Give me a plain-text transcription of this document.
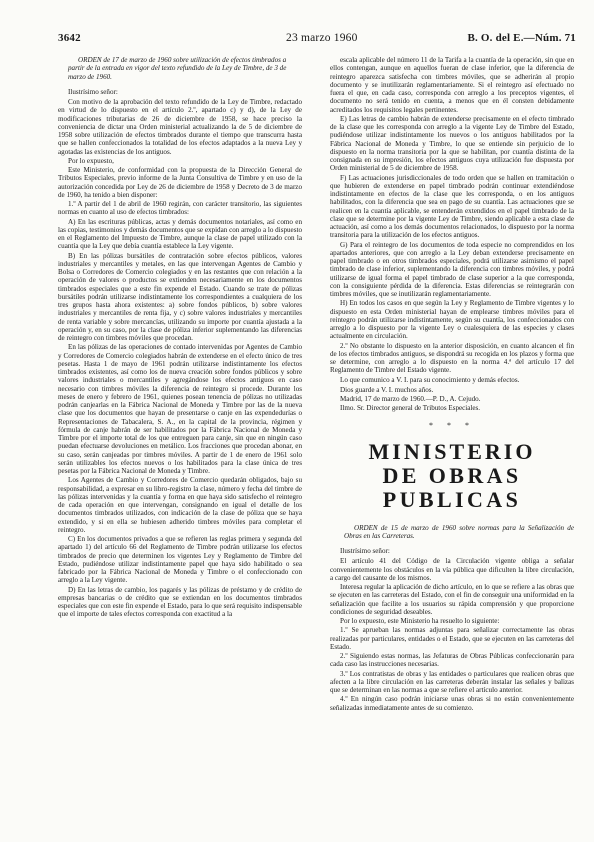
3642	23 marzo 1960	B. O. del E.—Núm. 71
ORDEN de 17 de marzo de 1960 sobre utilización de efectos timbrados a partir de la entrada en vigor del texto refundido de la Ley de Timbre, de 3 de marzo de 1960.

Ilustrísimo señor:

Con motivo de la aprobación del texto refundido de la Ley de Timbre, redactado en virtud de lo dispuesto en el artículo 2.º, apartado c) y d), de la Ley de modificaciones tributarias de 26 de diciembre de 1958, se hace preciso la conveniencia de dictar una Orden ministerial actualizando la de 5 de diciembre de 1958 sobre utilización de efectos timbrados durante el tiempo que transcurra hasta que se hallen confeccionados la totalidad de los efectos adaptados a la nueva Ley y agotadas las existencias de los antiguos.

Por lo expuesto,

Este Ministerio, de conformidad con la propuesta de la Dirección General de Tributos Especiales, previo informe de la Junta Consultiva de Timbre y en uso de la autorización concedida por Ley de 26 de diciembre de 1958 y Decreto de 3 de marzo de 1960, ha tenido a bien disponer:

1.º A partir del 1 de abril de 1960 regirán, con carácter transitorio, las siguientes normas en cuanto al uso de efectos timbrados:

A) En las escrituras públicas, actas y demás documentos notariales, así como en las copias, testimonios y demás documentos que se expidan con arreglo a lo dispuesto en el Reglamento del Impuesto de Timbre, aunque la clase de papel utilizado con la cuantía que la Ley que debía cuantía establece la Ley vigente.

B) En las pólizas bursátiles de contratación sobre efectos públicos, valores industriales y mercantiles y metales, en las que intervengan Agentes de Cambio y Bolsa o Corredores de Comercio colegiados y en las restantes que con relación a la operación de valores o productos se extienden necesariamente en los documentos timbrados especiales que a este fin expende el Estado. Cuando se trate de pólizas bursátiles podrán utilizarse indistintamente los correspondientes a cualquiera de los tres grupos hasta ahora existentes: a) sobre fondos públicos, b) sobre valores industriales y mercantiles de renta fija, y c) sobre valores industriales y mercantiles de renta variable y sobre mercancías, utilizando su importe por cuantía ajustada a la operación y, en su caso, por la clase de póliza inferior suplementando las diferencias de reintegro con timbres móviles que procedan.

En las pólizas de las operaciones de contado intervenidas por Agentes de Cambio y Corredores de Comercio colegiados habrán de extenderse en el efecto único de tres pesetas. Hasta 1 de mayo de 1961 podrán utilizarse indistintamente los efectos timbrados existentes, así como los de nueva creación sobre fondos públicos y sobre valores industriales o mercantiles y agregándose los efectos antiguos en caso necesario con timbres móviles la diferencia de reintegro si procede. Durante los meses de enero y febrero de 1961, quienes posean tenencia de pólizas no utilizadas podrán canjearlas en la Fábrica Nacional de Moneda y Timbre por las de la nueva clase que los documentos que hayan de presentarse o canje en las expendedurías o Representaciones de Tabacalera, S. A., en la capital de la provincia, régimen y fórmula de canje habrán de ser habilitados por la Fábrica Nacional de Moneda y Timbre por el importe total de los que entreguen para canje, sin que en ningún caso puedan efectuarse devoluciones en metálico. Los fracciones que procedan abonar, en su caso, serán canjeadas por timbres móviles. A partir de 1 de enero de 1961 solo serán utilizables los efectos nuevos o los habilitados para la clase única de tres pesetas por la Fábrica Nacional de Moneda y Timbre.

Los Agentes de Cambio y Corredores de Comercio quedarán obligados, bajo su responsabilidad, a expresar en su libro-registro la clase, número y fecha del timbre de las pólizas intervenidas y la cuantía y forma en que haya sido satisfecho el reintegro de cada operación en que intervengan, consignando en igual el detalle de los documentos timbrados utilizados, con indicación de la clase de póliza que se haya extendido, y si en ella se hubiesen adherido timbres móviles para completar el reintegro.

C) En los documentos privados a que se refieren las reglas primera y segunda del apartado 1) del artículo 66 del Reglamento de Timbre podrán utilizarse los efectos timbrados de precio que determinen los vigentes Ley y Reglamento de Timbre del Estado, pudiéndose utilizar indistintamente papel que haya sido habilitado o sea fabricado por la Fábrica Nacional de Moneda y Timbre o el confeccionado con arreglo a la Ley vigente.

D) En las letras de cambio, los pagarés y las pólizas de préstamo y de crédito de empresas bancarias o de crédito que se extiendan en los documentos timbrados especiales que con este fin expende el Estado, para lo que será requisito indispensable que el importe de tales efectos corresponda con exactitud a la

escala aplicable del número 11 de la Tarifa a la cuantía de la operación, sin que en ellos contengan, aunque en aquellos fueran de clase inferior, que la diferencia de reintegro aparezca satisfecha con timbres móviles, que se adherirán al propio documento y se inutilizarán reglamentariamente. Si el reintegro así efectuado no fuera el que, en cada caso, corresponda con arreglo a los preceptos vigentes, el documento no será tenido en cuenta, a menos que en él consten debidamente acreditados los requisitos legales pertinentes.

E) Las letras de cambio habrán de extenderse precisamente en el efecto timbrado de la clase que les corresponda con arreglo a la vigente Ley de Timbre del Estado, pudiéndose utilizar indistintamente los nuevos o los antiguos habilitados por la Fábrica Nacional de Moneda y Timbre, lo que se entiende sin perjuicio de lo dispuesto en la norma transitoria por la que se habilitan, por cuantía distinta de la consignada en su impresión, los efectos antiguos cuya utilización fue dispuesta por Orden ministerial de 5 de diciembre de 1958.

F) Las actuaciones jurisdiccionales de todo orden que se hallen en tramitación o que hubieren de extenderse en papel timbrado podrán continuar extendiéndose indistintamente en efectos de la clase que les corresponda, o en los antiguos habilitados, con la diferencia que sea en pago de su cuantía. Las actuaciones que se realicen en la cuantía aplicable, se entenderán extendidos en el papel timbrado de la clase que se determine por la vigente Ley de Timbre, siendo aplicable a esta clase de actuación, así como a los demás documentos relacionados, lo dispuesto por la norma transitoria para la utilización de los efectos antiguos.

G) Para el reintegro de los documentos de toda especie no comprendidos en los apartados anteriores, que con arreglo a la Ley deban extenderse precisamente en papel timbrado o en otros timbrados especiales, podrá utilizarse asimismo el papel timbrado de clase inferior, suplementando la diferencia con timbres móviles, y podrá utilizarse de igual forma el papel timbrado de clase superior a la que corresponda, con la consiguiente pérdida de la diferencia. Estas diferencias se reintegrarán con timbres móviles, que se inutilizarán reglamentariamente.

H) En todos los casos en que según la Ley y Reglamento de Timbre vigentes y lo dispuesto en esta Orden ministerial hayan de emplearse timbres móviles para el reintegro podrán utilizarse indistintamente, según su cuantía, los confeccionados con arreglo a lo dispuesto por la vigente Ley o cualesquiera de las especies y clases actualmente en circulación.

2.º No obstante lo dispuesto en la anterior disposición, en cuanto alcancen el fin de los efectos timbrados antiguos, se dispondrá su recogida en los plazos y forma que se determine, con arreglo a lo dispuesto en la norma 4.ª del artículo 17 del Reglamento de Timbre del Estado vigente.

Lo que comunico a V. I. para su conocimiento y demás efectos.

Dios guarde a V. I. muchos años.

Madrid, 17 de marzo de 1960.—P. D., A. Cejudo.

Ilmo. Sr. Director general de Tributos Especiales.

* * *
MINISTERIO
DE OBRAS PUBLICAS
ORDEN de 15 de marzo de 1960 sobre normas para la Señalización de Obras en las Carreteras.

Ilustrísimo señor:

El artículo 41 del Código de la Circulación vigente obliga a señalar convenientemente los obstáculos en la vía pública que dificulten la libre circulación, a cargo del causante de los mismos.

Interesa regular la aplicación de dicho artículo, en lo que se refiere a las obras que se ejecuten en las carreteras del Estado, con el fin de conseguir una uniformidad en la señalización que facilite a los usuarios su rápida comprensión y que proporcione condiciones de seguridad deseables.

Por lo expuesto, este Ministerio ha resuelto lo siguiente:

1.º Se aprueban las normas adjuntas para señalizar correctamente las obras realizadas por particulares, entidades o el Estado, que se ejecuten en las carreteras del Estado.

2.º Siguiendo estas normas, las Jefaturas de Obras Públicas confeccionarán para cada caso las instrucciones necesarias.

3.º Los contratistas de obras y las entidades o particulares que realicen obras que afecten a la libre circulación en las carreteras deberán instalar las señales y balizas que se determinan en las normas a que se refiere el artículo anterior.

4.º En ningún caso podrán iniciarse unas obras si no están convenientemente señalizadas inmediatamente antes de su comienzo.
